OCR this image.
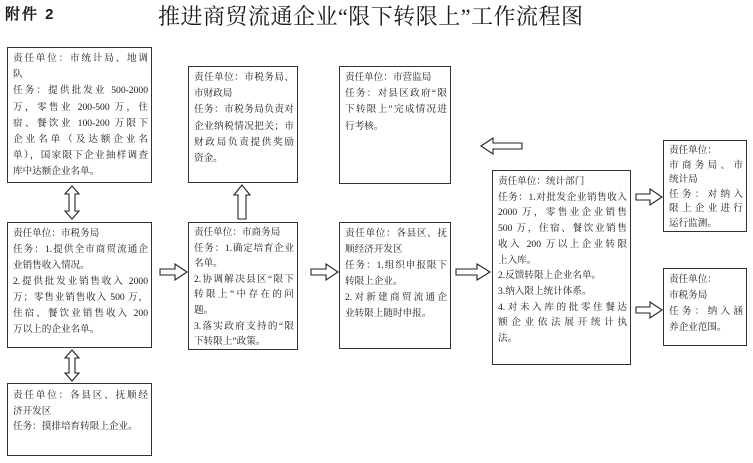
附件 2	推进商贸流通企业“限下转限上”工作流程图
责任单位：市统计局、地调
队
任务：提供批发业 500-2000
万，零售业 200-500 万，住
宿、餐饮业 100-200 万限下
企业名单（及达额企业名
单），国家限下企业抽样调查
库中达额企业名单。
责任单位：市税务局、
市财政局
任务：市税务局负责对
企业纳税情况把关；市
财政局负责提供奖励
资金。
责任单位：市营监局
任务：对县区政府“限
下转限上”完成情况进
行考核。
责任单位：市税务局
任务：1.提供全市商贸流通企
业销售收入情况。
2.提供批发业销售收入 2000
万；零售业销售收入 500 万，
住宿、餐饮业销售收入 200
万以上的企业名单。
责任单位：市商务局
任务：1.确定培育企业
名单。
2.协调解决县区“限下
转限上”中存在的问
题。
3.落实政府支持的“限
下转限上”政策。
责任单位：各县区、抚
顺经济开发区
任务：1.组织申报限下
转限上企业。
2.对新建商贸流通企
业转限上随时申报。
责任单位：统计部门
任务：1.对批发企业销售收入
2000 万，零售业企业销售
500 万，住宿、餐饮业销售
收入 200 万以上企业转限
上入库。
2.反馈转限上企业名单。
3.纳入限上统计体系。
4.对未入库的批零住餐达
额企业依法展开统计执
法。
责任单位：
市商务局、市
统计局
任务：对纳入
限上企业进行
运行监测。
责任单位：
市税务局
任务：纳入涵
养企业范围。
责任单位：各县区、抚顺经
济开发区
任务：摸排培育转限上企业。
